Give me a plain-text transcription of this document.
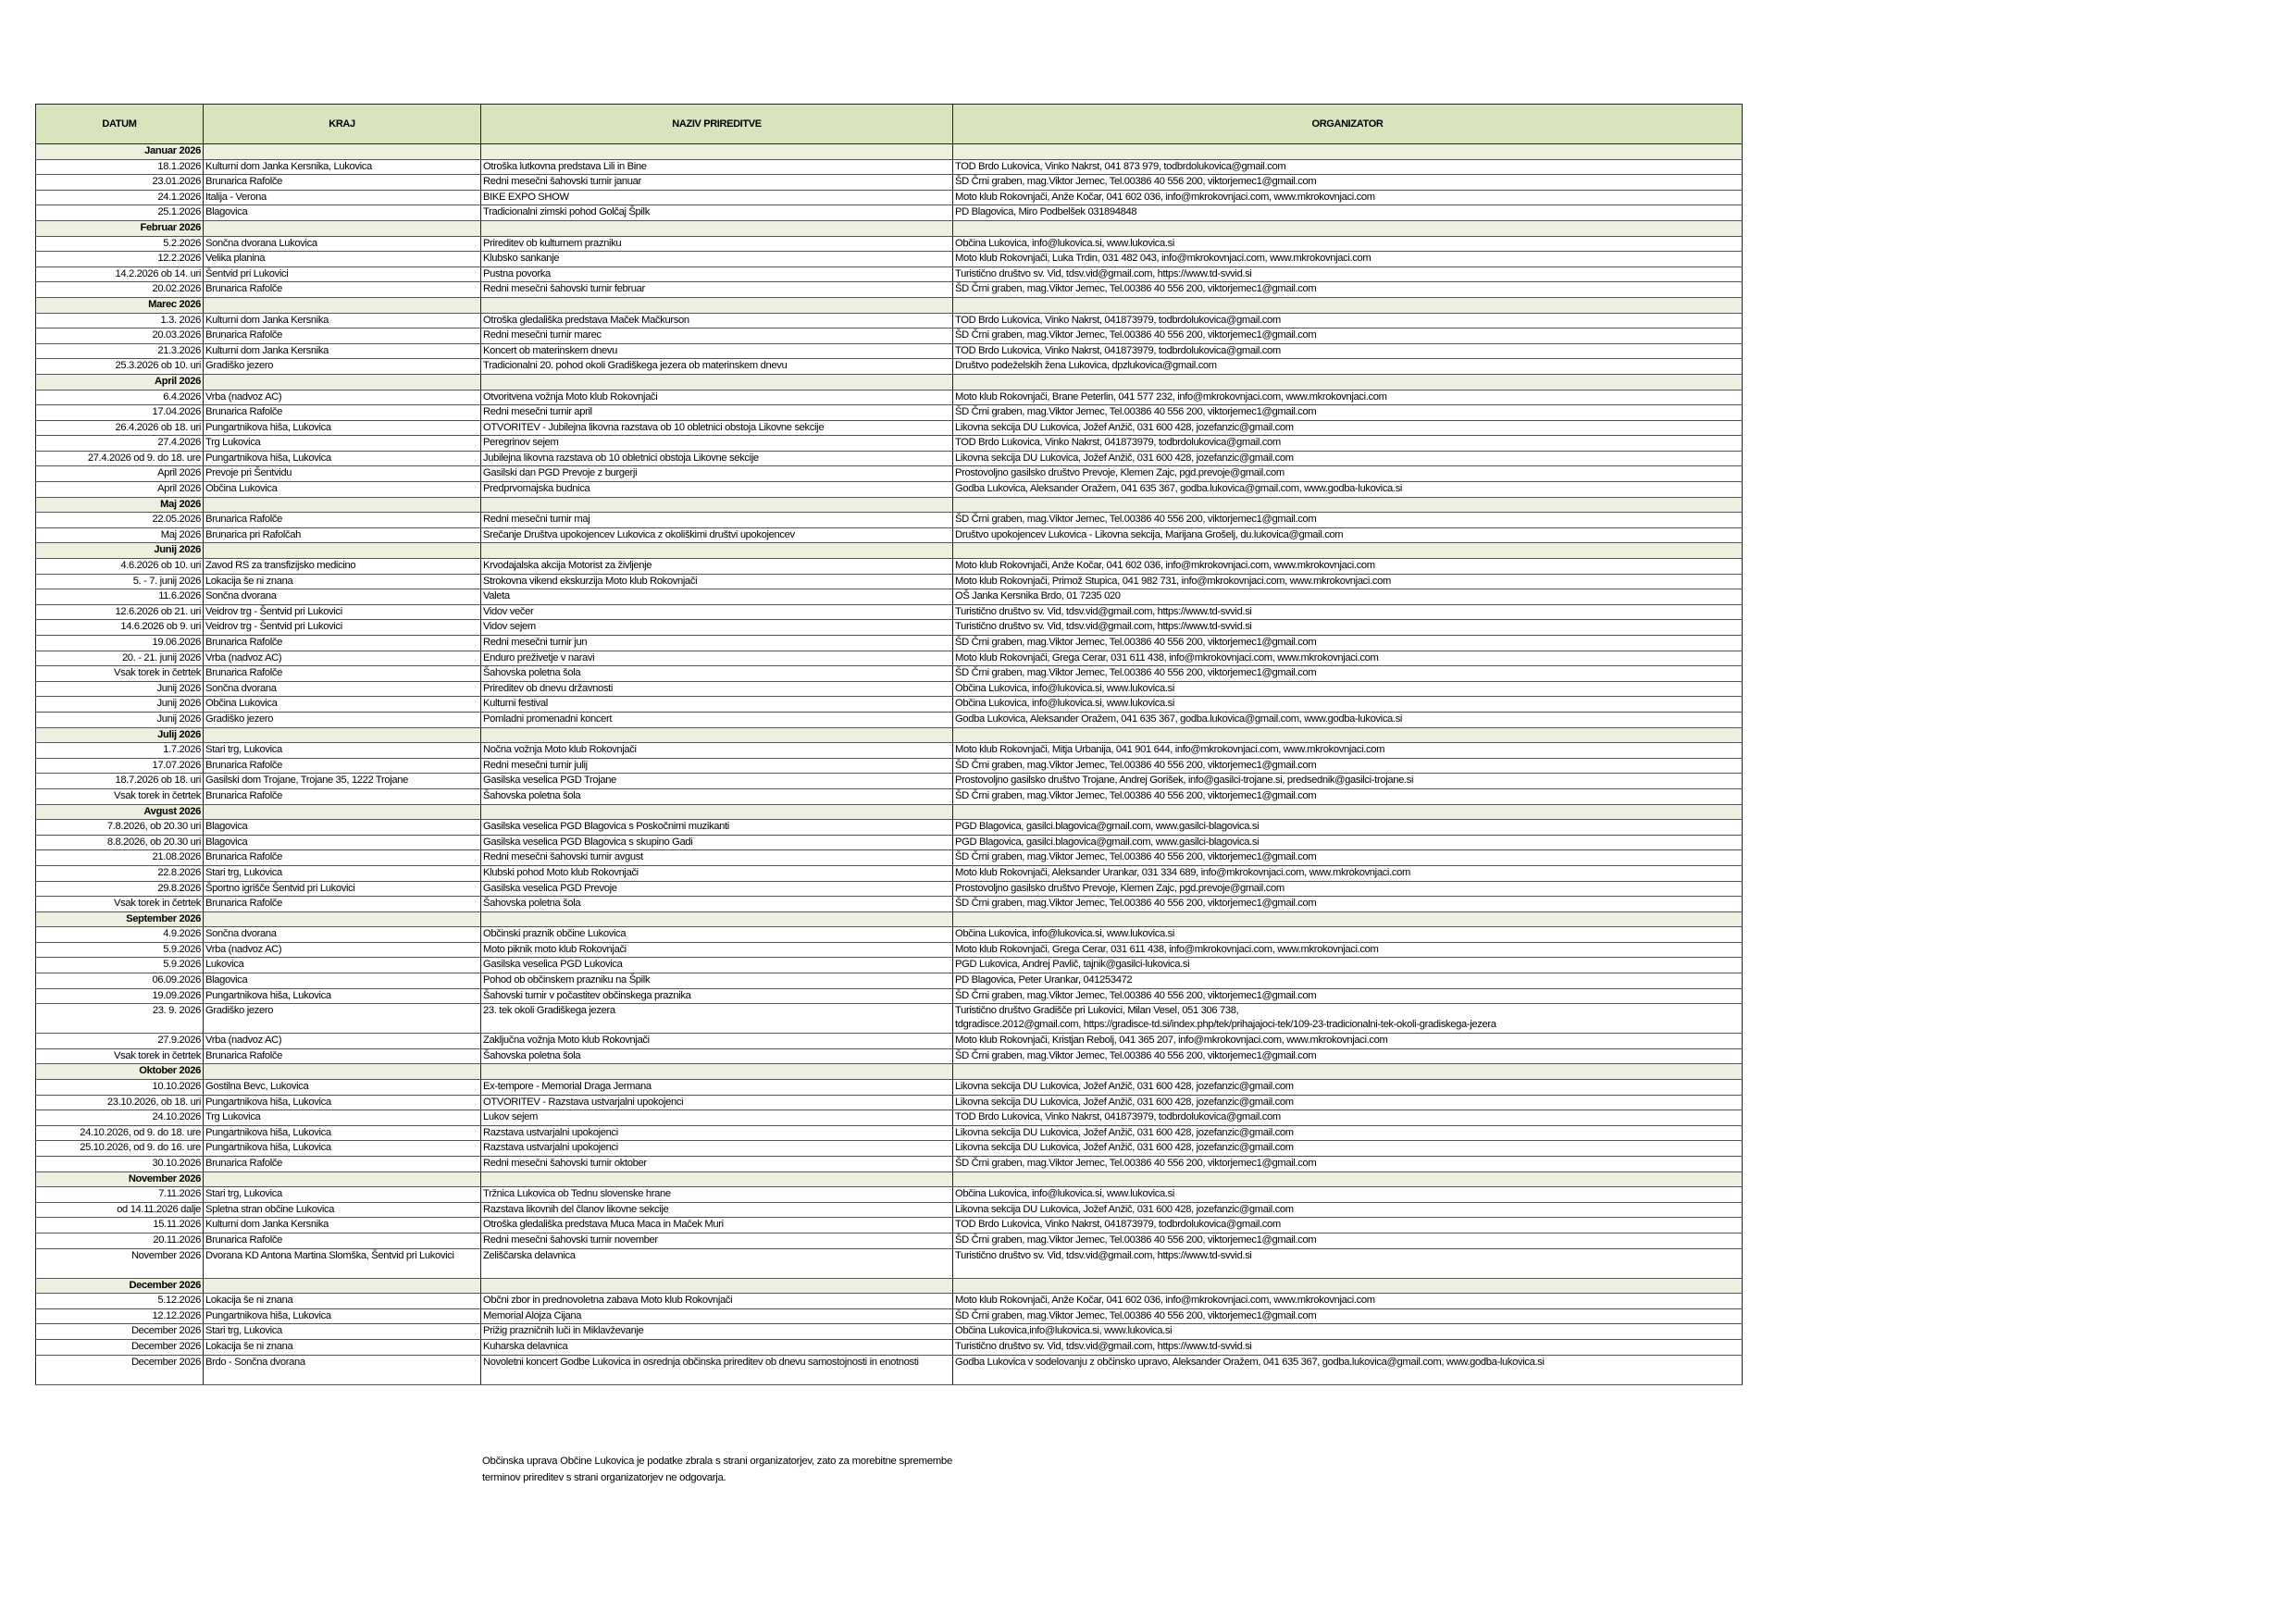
DATUM	KRAJ	NAZIV PRIREDITVE	ORGANIZATOR
Januar 2026			
18.1.2026	Kulturni dom Janka Kersnika, Lukovica	Otroška lutkovna predstava Lili in Bine	TOD Brdo Lukovica, Vinko Nakrst, 041 873 979, todbrdolukovica@gmail.com
23.01.2026	Brunarica Rafolče	Redni mesečni šahovski turnir januar	ŠD Črni graben, mag.Viktor Jemec, Tel.00386 40 556 200, viktorjemec1@gmail.com
24.1.2026	Italija - Verona	BIKE EXPO SHOW	Moto klub Rokovnjači, Anže Kočar, 041 602 036, info@mkrokovnjaci.com, www.mkrokovnjaci.com
25.1.2026	Blagovica	Tradicionalni zimski pohod Golčaj Špilk	PD Blagovica, Miro Podbelšek 031894848
Februar 2026			
5.2.2026	Sončna dvorana Lukovica	Prireditev ob kulturnem prazniku	Občina Lukovica, info@lukovica.si, www.lukovica.si
12.2.2026	Velika planina	Klubsko sankanje	Moto klub Rokovnjači, Luka Trdin, 031 482 043, info@mkrokovnjaci.com, www.mkrokovnjaci.com
14.2.2026 ob 14. uri	Šentvid pri Lukovici	Pustna povorka	Turistično društvo sv. Vid, tdsv.vid@gmail.com, https://www.td-svvid.si
20.02.2026	Brunarica Rafolče	Redni mesečni šahovski turnir februar	ŠD Črni graben, mag.Viktor Jemec, Tel.00386 40 556 200, viktorjemec1@gmail.com
Marec 2026			
1.3. 2026	Kulturni dom Janka Kersnika	Otroška gledališka predstava Maček Mačkurson	TOD Brdo Lukovica, Vinko Nakrst, 041873979, todbrdolukovica@gmail.com
20.03.2026	Brunarica Rafolče	Redni mesečni turnir marec	ŠD Črni graben, mag.Viktor Jemec, Tel.00386 40 556 200, viktorjemec1@gmail.com
21.3.2026	Kulturni dom Janka Kersnika	Koncert ob materinskem dnevu	TOD Brdo Lukovica, Vinko Nakrst, 041873979, todbrdolukovica@gmail.com
25.3.2026 ob 10. uri	Gradiško jezero	Tradicionalni 20. pohod okoli Gradiškega jezera ob materinskem dnevu	Društvo podeželskih žena Lukovica, dpzlukovica@gmail.com
April 2026			
6.4.2026	Vrba (nadvoz AC)	Otvoritvena vožnja Moto klub Rokovnjači	Moto klub Rokovnjači, Brane Peterlin, 041 577 232, info@mkrokovnjaci.com, www.mkrokovnjaci.com
17.04.2026	Brunarica Rafolče	Redni mesečni turnir april	ŠD Črni graben, mag.Viktor Jemec, Tel.00386 40 556 200, viktorjemec1@gmail.com
26.4.2026 ob 18. uri	Pungartnikova hiša, Lukovica	OTVORITEV - Jubilejna likovna razstava ob 10 obletnici obstoja Likovne sekcije	Likovna sekcija DU Lukovica, Jožef Anžič, 031 600 428, jozefanzic@gmail.com
27.4.2026	Trg Lukovica	Peregrinov sejem	TOD Brdo Lukovica, Vinko Nakrst, 041873979, todbrdolukovica@gmail.com
27.4.2026 od 9. do 18. ure	Pungartnikova hiša, Lukovica	Jubilejna likovna razstava ob 10 obletnici obstoja Likovne sekcije	Likovna sekcija DU Lukovica, Jožef Anžič, 031 600 428, jozefanzic@gmail.com
April 2026	Prevoje pri Šentvidu	Gasilski dan PGD Prevoje z burgerji	Prostovoljno gasilsko društvo Prevoje, Klemen Zajc, pgd.prevoje@gmail.com
April 2026	Občina Lukovica	Predprvomajska budnica	Godba Lukovica, Aleksander Oražem, 041 635 367, godba.lukovica@gmail.com, www.godba-lukovica.si
Maj 2026			
22.05.2026	Brunarica Rafolče	Redni mesečni turnir maj	ŠD Črni graben, mag.Viktor Jemec, Tel.00386 40 556 200, viktorjemec1@gmail.com
Maj 2026	Brunarica pri Rafolčah	Srečanje Društva upokojencev Lukovica z okoliškimi društvi upokojencev	Društvo upokojencev Lukovica - Likovna sekcija, Marijana Grošelj, du.lukovica@gmail.com
Junij 2026			
4.6.2026 ob 10. uri	Zavod RS za transfizijsko medicino	Krvodajalska akcija Motorist za življenje	Moto klub Rokovnjači, Anže Kočar, 041 602 036, info@mkrokovnjaci.com, www.mkrokovnjaci.com
5. - 7. junij 2026	Lokacija še ni znana	Strokovna vikend ekskurzija Moto klub Rokovnjači	Moto klub Rokovnjači, Primož Stupica, 041 982 731, info@mkrokovnjaci.com, www.mkrokovnjaci.com
11.6.2026	Sončna dvorana	Valeta	OŠ Janka Kersnika Brdo, 01 7235 020
12.6.2026 ob 21. uri	Veidrov trg - Šentvid pri Lukovici	Vidov večer	Turistično društvo sv. Vid, tdsv.vid@gmail.com, https://www.td-svvid.si
14.6.2026 ob 9. uri	Veidrov trg - Šentvid pri Lukovici	Vidov sejem	Turistično društvo sv. Vid, tdsv.vid@gmail.com, https://www.td-svvid.si
19.06.2026	Brunarica Rafolče	Redni mesečni turnir jun	ŠD Črni graben, mag.Viktor Jemec, Tel.00386 40 556 200, viktorjemec1@gmail.com
20. - 21. junij 2026	Vrba (nadvoz AC)	Enduro preživetje v naravi	Moto klub Rokovnjači, Grega Cerar, 031 611 438, info@mkrokovnjaci.com, www.mkrokovnjaci.com
Vsak torek in četrtek	Brunarica Rafolče	Šahovska poletna šola	ŠD Črni graben, mag.Viktor Jemec, Tel.00386 40 556 200, viktorjemec1@gmail.com
Junij 2026	Sončna dvorana	Prireditev ob dnevu državnosti	Občina Lukovica, info@lukovica.si, www.lukovica.si
Junij 2026	Občina Lukovica	Kulturni festival	Občina Lukovica, info@lukovica.si, www.lukovica.si
Junij 2026	Gradiško jezero	Pomladni promenadni koncert	Godba Lukovica, Aleksander Oražem, 041 635 367, godba.lukovica@gmail.com, www.godba-lukovica.si
Julij 2026			
1.7.2026	Stari trg, Lukovica	Nočna vožnja Moto klub Rokovnjači	Moto klub Rokovnjači, Mitja Urbanija, 041 901 644, info@mkrokovnjaci.com, www.mkrokovnjaci.com
17.07.2026	Brunarica Rafolče	Redni mesečni turnir julij	ŠD Črni graben, mag.Viktor Jemec, Tel.00386 40 556 200, viktorjemec1@gmail.com
18.7.2026 ob 18. uri	Gasilski dom Trojane, Trojane 35, 1222 Trojane	Gasilska veselica PGD Trojane	Prostovoljno gasilsko društvo Trojane, Andrej Gorišek, info@gasilci-trojane.si, predsednik@gasilci-trojane.si
Vsak torek in četrtek	Brunarica Rafolče	Šahovska poletna šola	ŠD Črni graben, mag.Viktor Jemec, Tel.00386 40 556 200, viktorjemec1@gmail.com
Avgust 2026			
7.8.2026, ob 20.30 uri	Blagovica	Gasilska veselica PGD Blagovica s Poskočnimi muzikanti	PGD Blagovica, gasilci.blagovica@gmail.com, www.gasilci-blagovica.si
8.8.2026, ob 20.30 uri	Blagovica	Gasilska veselica PGD Blagovica s skupino Gadi	PGD Blagovica, gasilci.blagovica@gmail.com, www.gasilci-blagovica.si
21.08.2026	Brunarica Rafolče	Redni mesečni šahovski turnir avgust	ŠD Črni graben, mag.Viktor Jemec, Tel.00386 40 556 200, viktorjemec1@gmail.com
22.8.2026	Stari trg, Lukovica	Klubski pohod Moto klub Rokovnjači	Moto klub Rokovnjači, Aleksander Urankar, 031 334 689, info@mkrokovnjaci.com, www.mkrokovnjaci.com
29.8.2026	Športno igrišče Šentvid pri Lukovici	Gasilska veselica PGD Prevoje	Prostovoljno gasilsko društvo Prevoje, Klemen Zajc, pgd.prevoje@gmail.com
Vsak torek in četrtek	Brunarica Rafolče	Šahovska poletna šola	ŠD Črni graben, mag.Viktor Jemec, Tel.00386 40 556 200, viktorjemec1@gmail.com
September 2026			
4.9.2026	Sončna dvorana	Občinski praznik občine Lukovica	Občina Lukovica, info@lukovica.si, www.lukovica.si
5.9.2026	Vrba (nadvoz AC)	Moto piknik moto klub Rokovnjači	Moto klub Rokovnjači, Grega Cerar, 031 611 438, info@mkrokovnjaci.com, www.mkrokovnjaci.com
5.9.2026	Lukovica	Gasilska veselica PGD Lukovica	PGD Lukovica, Andrej Pavlič, tajnik@gasilci-lukovica.si
06.09.2026	Blagovica	Pohod ob občinskem prazniku na Špilk	PD Blagovica, Peter Urankar, 041253472
19.09.2026	Pungartnikova hiša, Lukovica	Šahovski turnir v počastitev občinskega praznika	ŠD Črni graben, mag.Viktor Jemec, Tel.00386 40 556 200, viktorjemec1@gmail.com
23. 9. 2026	Gradiško jezero	23. tek okoli Gradiškega jezera	Turistično društvo Gradišče pri Lukovici, Milan Vesel, 051 306 738,
tdgradisce.2012@gmail.com, https://gradisce-td.si/index.php/tek/prihajajoci-tek/109-23-tradicionalni-tek-okoli-gradiskega-jezera

27.9.2026	Vrba (nadvoz AC)	Zaključna vožnja Moto klub Rokovnjači	Moto klub Rokovnjači, Kristjan Rebolj, 041 365 207, info@mkrokovnjaci.com, www.mkrokovnjaci.com
Vsak torek in četrtek	Brunarica Rafolče	Šahovska poletna šola	ŠD Črni graben, mag.Viktor Jemec, Tel.00386 40 556 200, viktorjemec1@gmail.com
Oktober 2026			
10.10.2026	Gostilna Bevc, Lukovica	Ex-tempore - Memorial Draga Jermana	Likovna sekcija DU Lukovica, Jožef Anžič, 031 600 428, jozefanzic@gmail.com
23.10.2026, ob 18. uri	Pungartnikova hiša, Lukovica	OTVORITEV - Razstava ustvarjalni upokojenci	Likovna sekcija DU Lukovica, Jožef Anžič, 031 600 428, jozefanzic@gmail.com
24.10.2026	Trg Lukovica	Lukov sejem	TOD Brdo Lukovica, Vinko Nakrst, 041873979, todbrdolukovica@gmail.com
24.10.2026, od 9. do 18. ure	Pungartnikova hiša, Lukovica	Razstava ustvarjalni upokojenci	Likovna sekcija DU Lukovica, Jožef Anžič, 031 600 428, jozefanzic@gmail.com
25.10.2026, od 9. do 16. ure	Pungartnikova hiša, Lukovica	Razstava ustvarjalni upokojenci	Likovna sekcija DU Lukovica, Jožef Anžič, 031 600 428, jozefanzic@gmail.com
30.10.2026	Brunarica Rafolče	Redni mesečni šahovski turnir oktober	ŠD Črni graben, mag.Viktor Jemec, Tel.00386 40 556 200, viktorjemec1@gmail.com
November 2026			
7.11.2026	Stari trg, Lukovica	Tržnica Lukovica ob Tednu slovenske hrane	Občina Lukovica, info@lukovica.si, www.lukovica.si
od 14.11.2026 dalje	Spletna stran občine Lukovica	Razstava likovnih del članov likovne sekcije	Likovna sekcija DU Lukovica, Jožef Anžič, 031 600 428, jozefanzic@gmail.com
15.11.2026	Kulturni dom Janka Kersnika	Otroška gledališka predstava Muca Maca in Maček Muri	TOD Brdo Lukovica, Vinko Nakrst, 041873979, todbrdolukovica@gmail.com
20.11.2026	Brunarica Rafolče	Redni mesečni šahovski turnir november	ŠD Črni graben, mag.Viktor Jemec, Tel.00386 40 556 200, viktorjemec1@gmail.com
November 2026	Dvorana KD Antona Martina Slomška, Šentvid pri Lukovici	Zeliščarska delavnica	Turistično društvo sv. Vid, tdsv.vid@gmail.com, https://www.td-svvid.si
December 2026			
5.12.2026	Lokacija še ni znana	Občni zbor in prednovoletna zabava Moto klub Rokovnjači	Moto klub Rokovnjači, Anže Kočar, 041 602 036, info@mkrokovnjaci.com, www.mkrokovnjaci.com
12.12.2026	Pungartnikova hiša, Lukovica	Memorial Alojza Cijana	ŠD Črni graben, mag.Viktor Jemec, Tel.00386 40 556 200, viktorjemec1@gmail.com
December 2026	Stari trg, Lukovica	Prižig prazničnih luči in Miklavževanje	Občina Lukovica,info@lukovica.si, www.lukovica.si
December 2026	Lokacija še ni znana	Kuharska delavnica	Turistično društvo sv. Vid, tdsv.vid@gmail.com, https://www.td-svvid.si
December 2026	Brdo - Sončna dvorana	Novoletni koncert Godbe Lukovica in osrednja občinska prireditev ob dnevu samostojnosti in enotnosti	Godba Lukovica v sodelovanju z občinsko upravo, Aleksander Oražem, 041 635 367, godba.lukovica@gmail.com, www.godba-lukovica.si
Občinska uprava Občine Lukovica je podatke zbrala s strani organizatorjev, zato za morebitne spremembe terminov prireditev s strani organizatorjev ne odgovarja.
